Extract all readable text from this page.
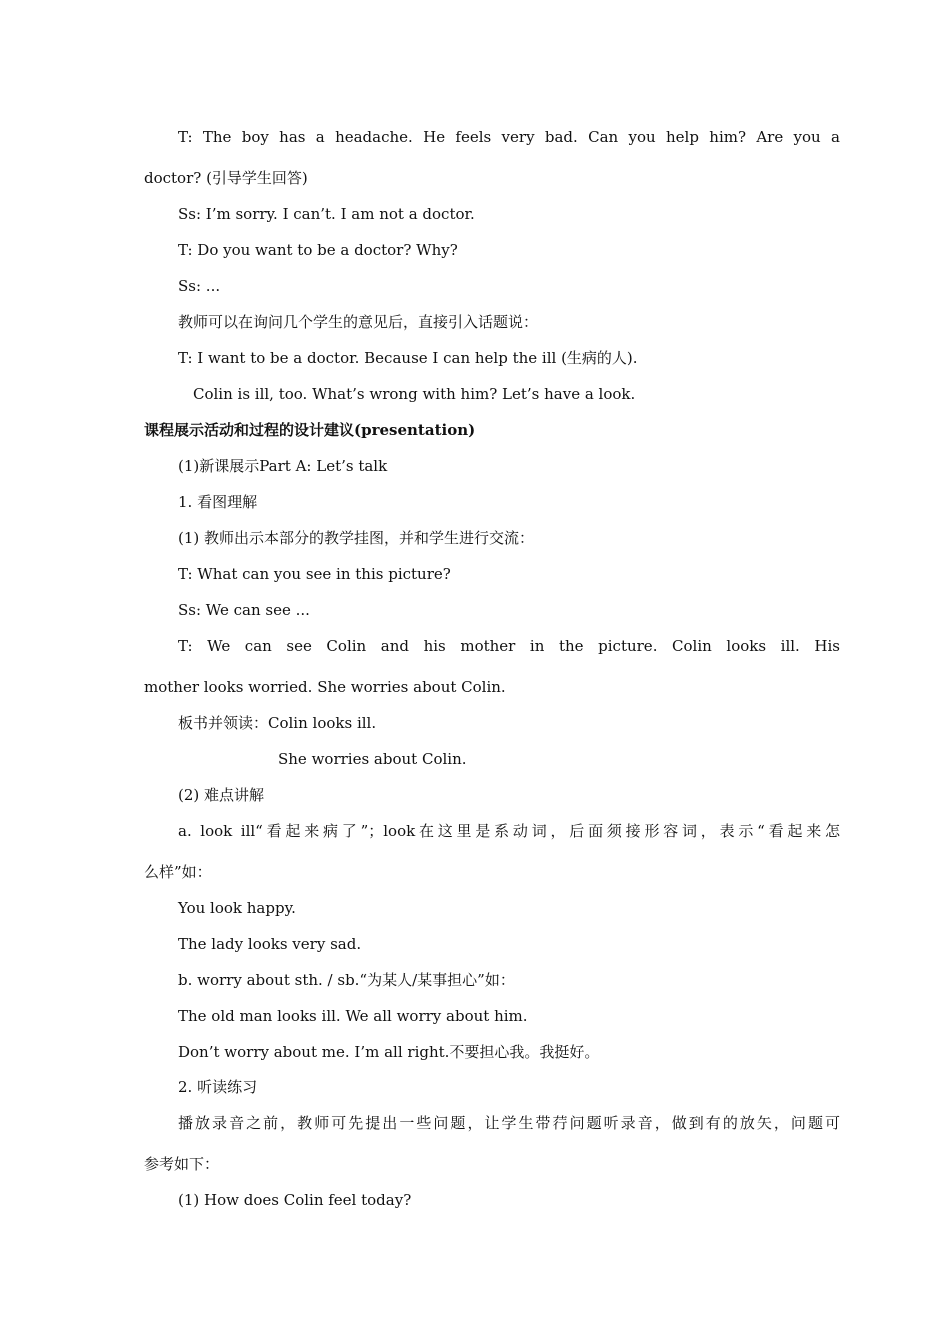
T: The boy has a headache. He feels very bad. Can you help him? Are you a

doctor? (引导学生回答)

Ss: I’m sorry. I can’t. I am not a doctor.

T: Do you want to be a doctor? Why?

Ss: ...

教师可以在询问几个学生的意见后，直接引入话题说：

T: I want to be a doctor. Because I can help the ill (生病的人).

Colin is ill, too. What’s wrong with him? Let’s have a look.

课程展示活动和过程的设计建议(presentation)

(1)新课展示Part A: Let’s talk

1. 看图理解

(1) 教师出示本部分的教学挂图，并和学生进行交流：

T: What can you see in this picture?

Ss: We can see ...

T: We can see Colin and his mother in the picture. Colin looks ill. His

mother looks worried. She worries about Colin.

板书并领读：Colin looks ill.

She worries about Colin.

(2) 难点讲解

a. look ill“看起来病了”；look在这里是系动词，后面须接形容词，表示“看起来怎

么样”如：

You look happy.

The lady looks very sad.

b. worry about sth. / sb.“为某人/某事担心”如：

The old man looks ill. We all worry about him.

Don’t worry about me. I’m all right.不要担心我。我挺好。

2. 听读练习

播放录音之前，教师可先提出一些问题，让学生带荇问题听录音，做到有的放矢，问题可

参考如下：

(1) How does Colin feel today?
